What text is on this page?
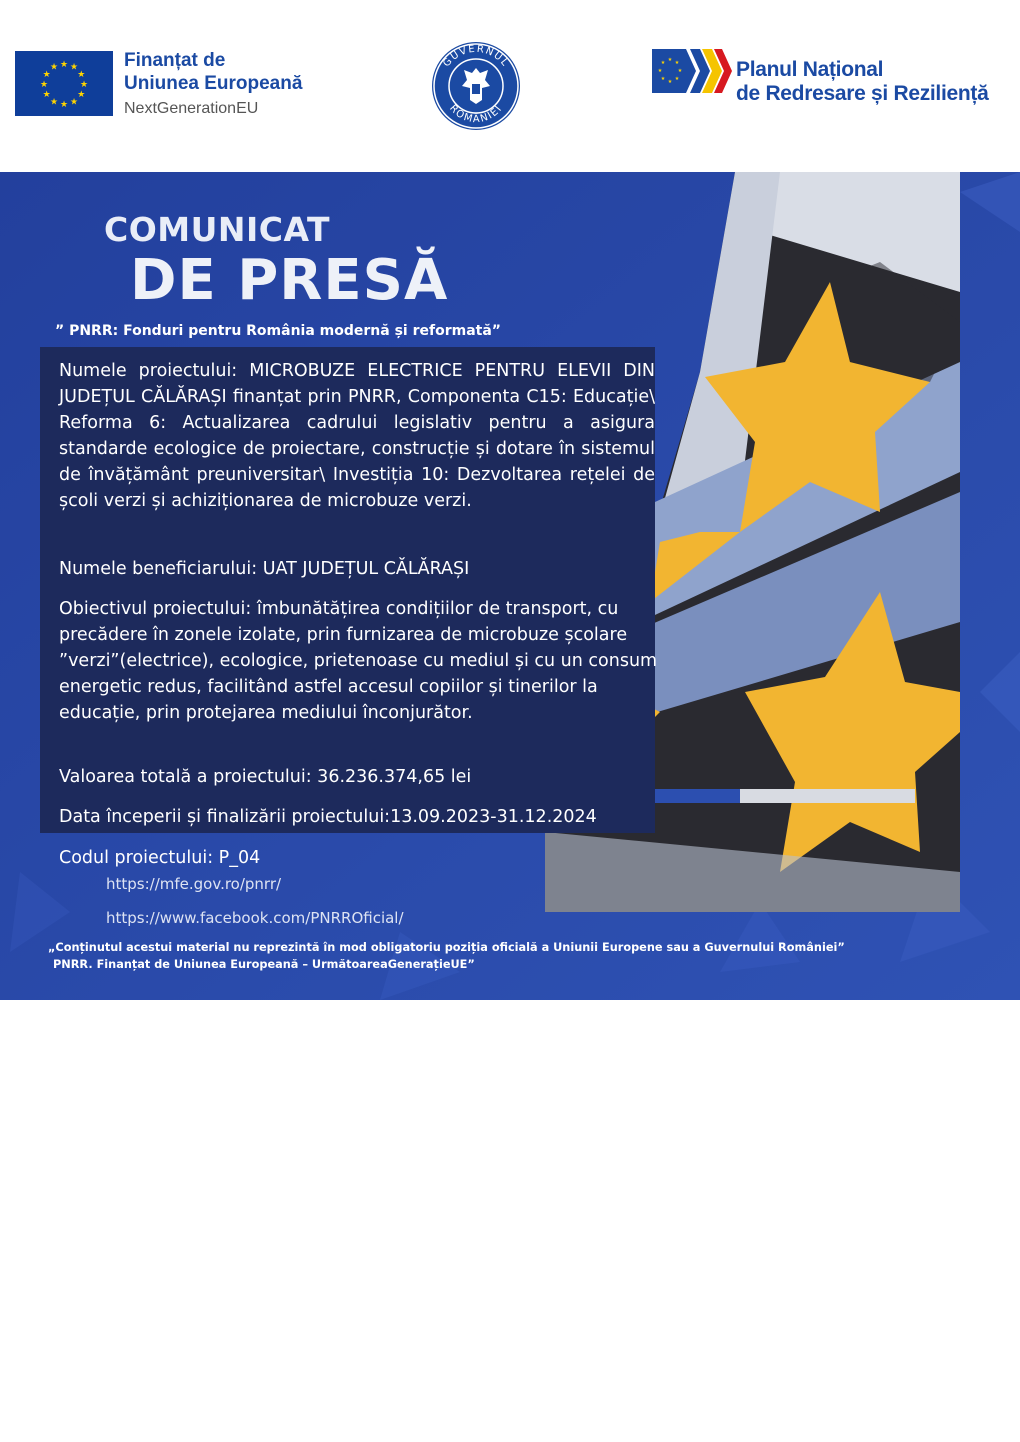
★ ★
★
★
★
★
★
★
★
★
★
★	Finanțat de
Uniunea Europeană
NextGenerationEU
GUVERNUL
ROMÂNIEI
★ ★
★
★
★
★
★
★	Planul Național
de Redresare și Reziliență
COMUNICAT
DE PRESĂ
” PNRR: Fonduri pentru România modernă și reformată”
Numele proiectului: MICROBUZE ELECTRICE PENTRU ELEVII DIN JUDEȚUL CĂLĂRAȘI finanțat prin PNRR, Componenta C15: Educație\ Reforma 6: Actualizarea cadrului legislativ pentru a asigura standarde ecologice de proiectare, construcție și dotare în sistemul de învățământ preuniversitar\ Investiția 10: Dezvoltarea rețelei de școli verzi și achiziționarea de microbuze verzi.
Numele beneficiarului: UAT JUDEȚUL CĂLĂRAȘI
Obiectivul proiectului: îmbunătățirea condițiilor de transport, cu precădere în zonele izolate, prin furnizarea de microbuze școlare ”verzi”(electrice), ecologice, prietenoase cu mediul și cu un consum energetic redus, facilitând astfel accesul copiilor și tinerilor la educație, prin protejarea mediului înconjurător.
Valoarea totală a proiectului: 36.236.374,65 lei
Data începerii și finalizării proiectului:13.09.2023-31.12.2024
Codul proiectului: P_04
https://mfe.gov.ro/pnrr/
https://www.facebook.com/PNRROficial/
„Conținutul acestui material nu reprezintă în mod obligatoriu poziția oficială a Uniunii Europene sau a Guvernului României”
PNRR. Finanțat de Uniunea Europeană – UrmătoareaGenerațieUE”
